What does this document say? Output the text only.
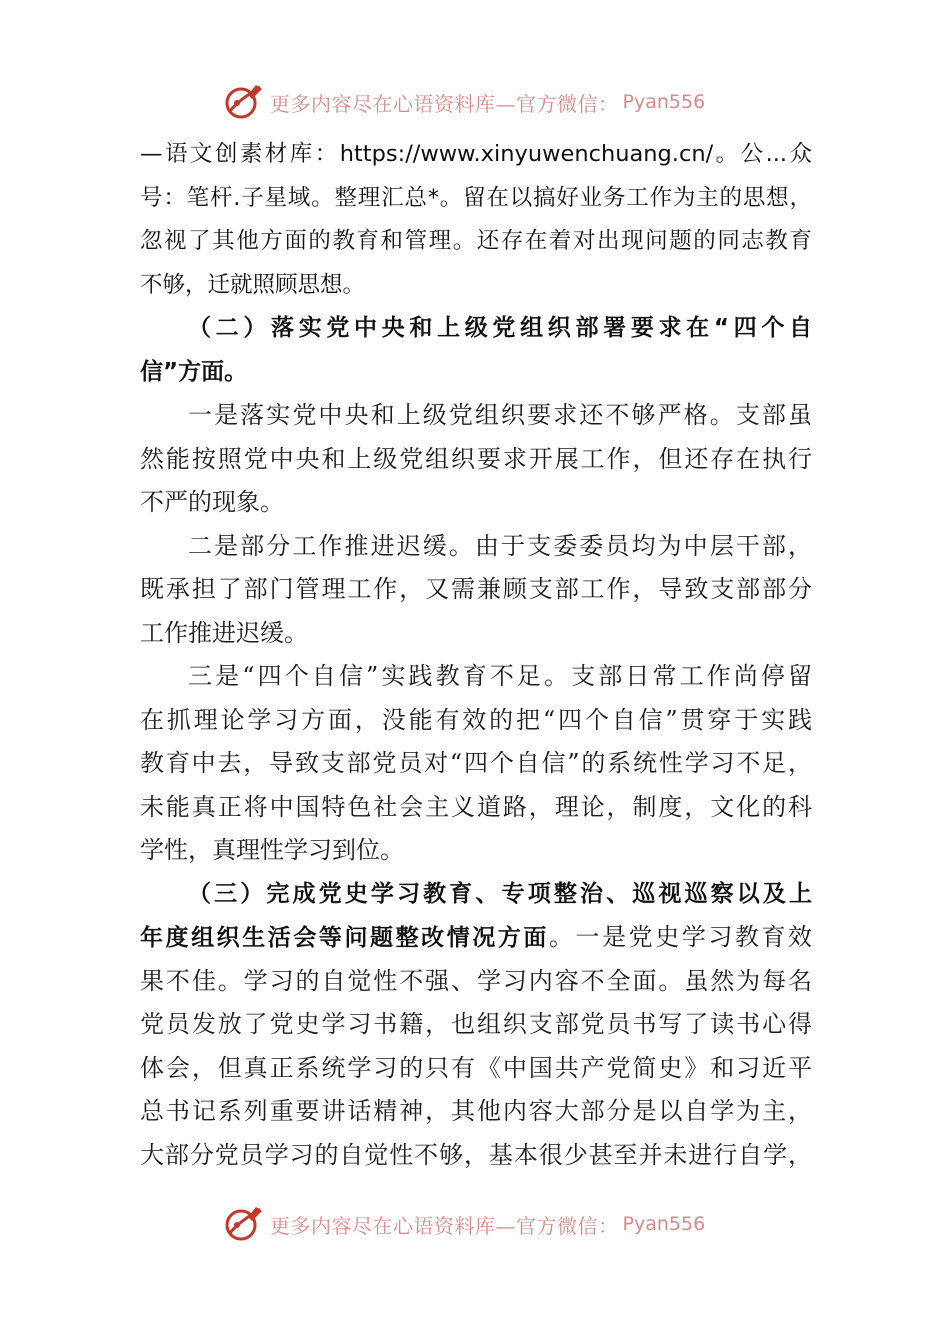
更多内容尽在心语资料库—官方微信： Pyan556
—语文创素材库：https://www.xinyuwenchuang.cn/。公...众
号：笔杆.子星域。整理汇总*。留在以搞好业务工作为主的思想，
忽视了其他方面的教育和管理。还存在着对出现问题的同志教育
不够，迁就照顾思想。
（二）落实党中央和上级党组织部署要求在“四个自
信”方面。
一是落实党中央和上级党组织要求还不够严格。支部虽
然能按照党中央和上级党组织要求开展工作，但还存在执行
不严的现象。
二是部分工作推进迟缓。由于支委委员均为中层干部，
既承担了部门管理工作，又需兼顾支部工作，导致支部部分
工作推进迟缓。
三是“四个自信”实践教育不足。支部日常工作尚停留
在抓理论学习方面，没能有效的把“四个自信”贯穿于实践
教育中去，导致支部党员对“四个自信”的系统性学习不足，
未能真正将中国特色社会主义道路，理论，制度，文化的科
学性，真理性学习到位。
（三）完成党史学习教育、专项整治、巡视巡察以及上
年度组织生活会等问题整改情况方面。一是党史学习教育效
果不佳。学习的自觉性不强、学习内容不全面。虽然为每名
党员发放了党史学习书籍，也组织支部党员书写了读书心得
体会，但真正系统学习的只有《中国共产党简史》和习近平
总书记系列重要讲话精神，其他内容大部分是以自学为主，
大部分党员学习的自觉性不够，基本很少甚至并未进行自学，
更多内容尽在心语资料库—官方微信： Pyan556
